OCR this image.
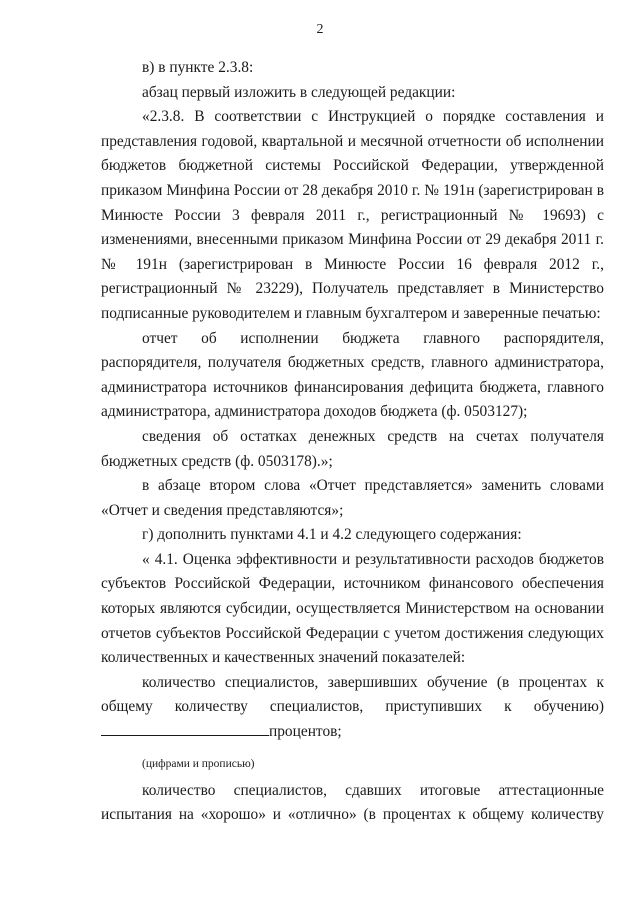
2

в) в пункте 2.3.8:

абзац первый изложить в следующей редакции:

«2.3.8. В соответствии с Инструкцией о порядке составления и представления годовой, квартальной и месячной отчетности об исполнении бюджетов бюджетной системы Российской Федерации, утвержденной приказом Минфина России от 28 декабря 2010 г. № 191н (зарегистрирован в Минюсте России 3 февраля 2011 г., регистрационный № 19693) с изменениями, внесенными приказом Минфина России от 29 декабря 2011 г. № 191н (зарегистрирован в Минюсте России 16 февраля 2012 г., регистрационный № 23229), Получатель представляет в Министерство подписанные руководителем и главным бухгалтером и заверенные печатью:

отчет об исполнении бюджета главного распорядителя, распорядителя, получателя бюджетных средств, главного администратора, администратора источников финансирования дефицита бюджета, главного администратора, администратора доходов бюджета (ф. 0503127);

сведения об остатках денежных средств на счетах получателя бюджетных средств (ф. 0503178).»;

в абзаце втором слова «Отчет представляется» заменить словами «Отчет и сведения представляются»;

г) дополнить пунктами 4.1 и 4.2 следующего содержания:

« 4.1. Оценка эффективности и результативности расходов бюджетов субъектов Российской Федерации, источником финансового обеспечения которых являются субсидии, осуществляется Министерством на основании отчетов субъектов Российской Федерации с учетом достижения следующих количественных и качественных значений показателей:

количество специалистов, завершивших обучение (в процентах к общему количеству специалистов, приступивших к обучению)

процентов;

(цифрами и прописью)

количество специалистов, сдавших итоговые аттестационные

испытания на «хорошо» и «отлично» (в процентах к общему количеству
